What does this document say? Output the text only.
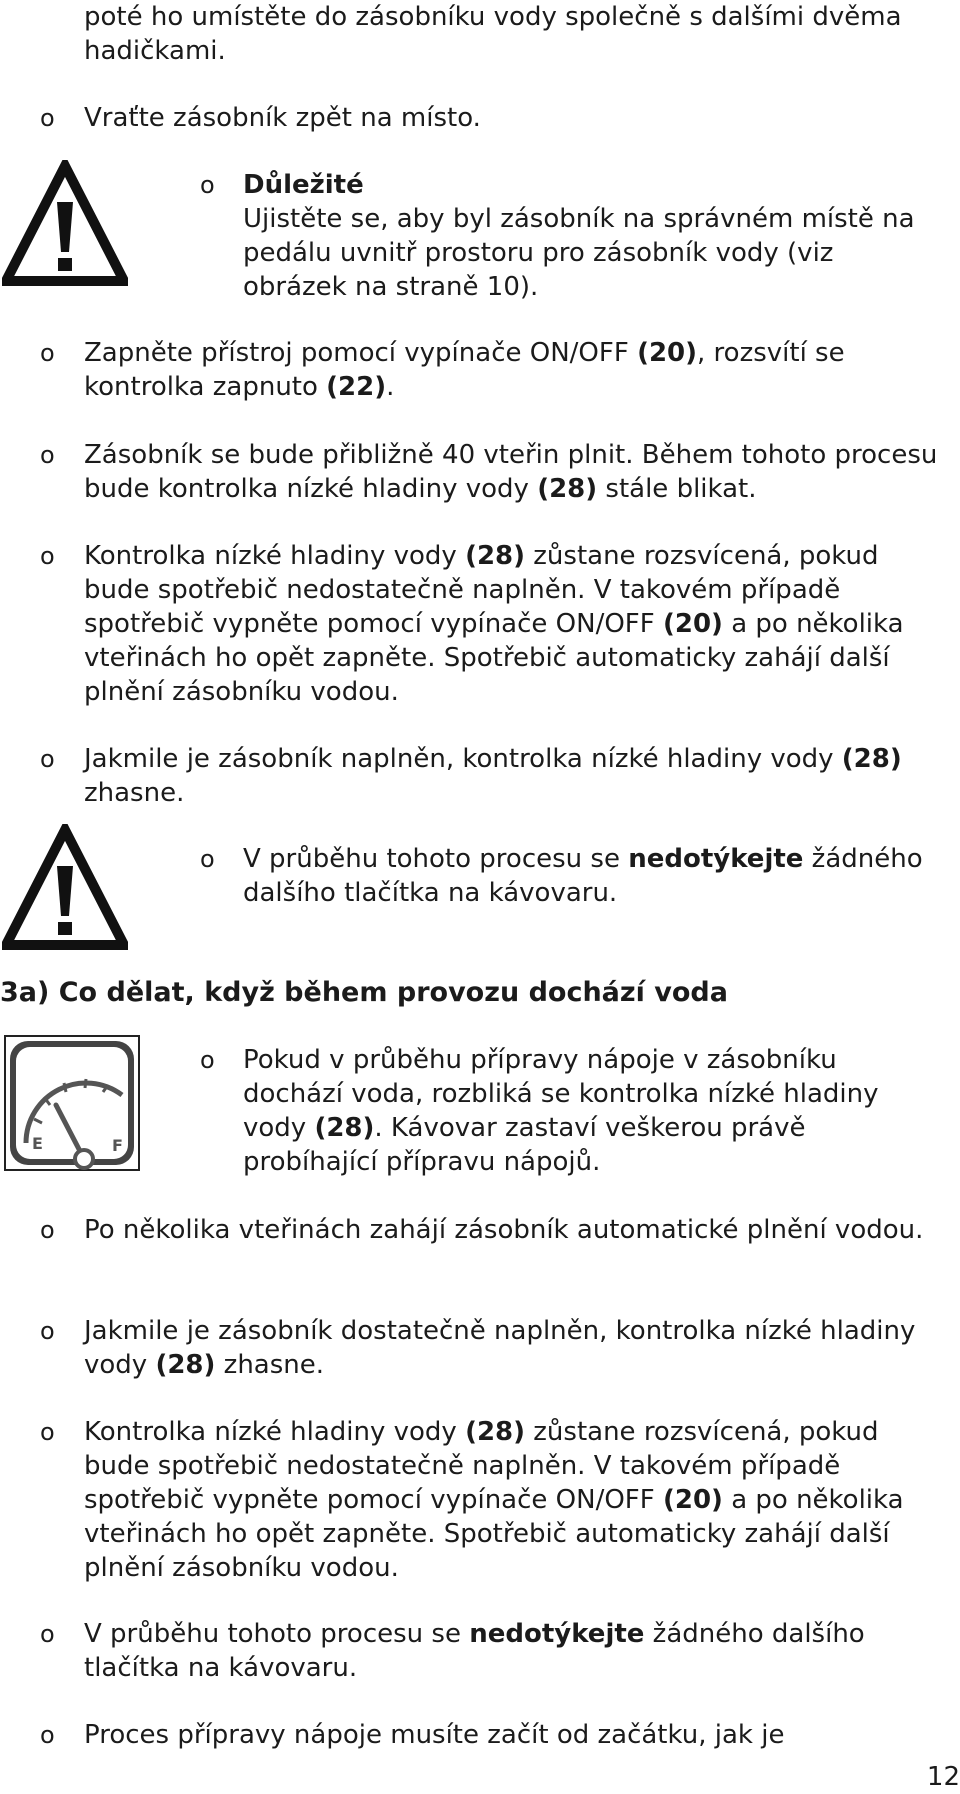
poté ho umístěte do zásobníku vody společně s dalšími dvěma hadičkami.

o Vraťte zásobník zpět na místo.

o Důležité

Ujistěte se, aby byl zásobník na správném místě na pedálu uvnitř prostoru pro zásobník vody (viz obrázek na straně 10).

o Zapněte přístroj pomocí vypínače ON/OFF (20), rozsvítí se kontrolka zapnuto (22).

o Zásobník se bude přibližně 40 vteřin plnit. Během tohoto procesu bude kontrolka nízké hladiny vody (28) stále blikat.

o Kontrolka nízké hladiny vody (28) zůstane rozsvícená, pokud bude spotřebič nedostatečně naplněn. V takovém případě spotřebič vypněte pomocí vypínače ON/OFF (20) a po několika vteřinách ho opět zapněte. Spotřebič automaticky zahájí další plnění zásobníku vodou.

o Jakmile je zásobník naplněn, kontrolka nízké hladiny vody (28) zhasne.

o V průběhu tohoto procesu se nedotýkejte žádného dalšího tlačítka na kávovaru.

3a) Co dělat, když během provozu dochází voda
E	F
o Pokud v průběhu přípravy nápoje v zásobníku dochází voda, rozbliká se kontrolka nízké hladiny vody (28). Kávovar zastaví veškerou právě probíhající přípravu nápojů.

o Po několika vteřinách zahájí zásobník automatické plnění vodou.

o Jakmile je zásobník dostatečně naplněn, kontrolka nízké hladiny vody (28) zhasne.

o Kontrolka nízké hladiny vody (28) zůstane rozsvícená, pokud bude spotřebič nedostatečně naplněn. V takovém případě spotřebič vypněte pomocí vypínače ON/OFF (20) a po několika vteřinách ho opět zapněte. Spotřebič automaticky zahájí další plnění zásobníku vodou.

o V průběhu tohoto procesu se nedotýkejte žádného dalšího tlačítka na kávovaru.

o Proces přípravy nápoje musíte začít od začátku, jak je

12
